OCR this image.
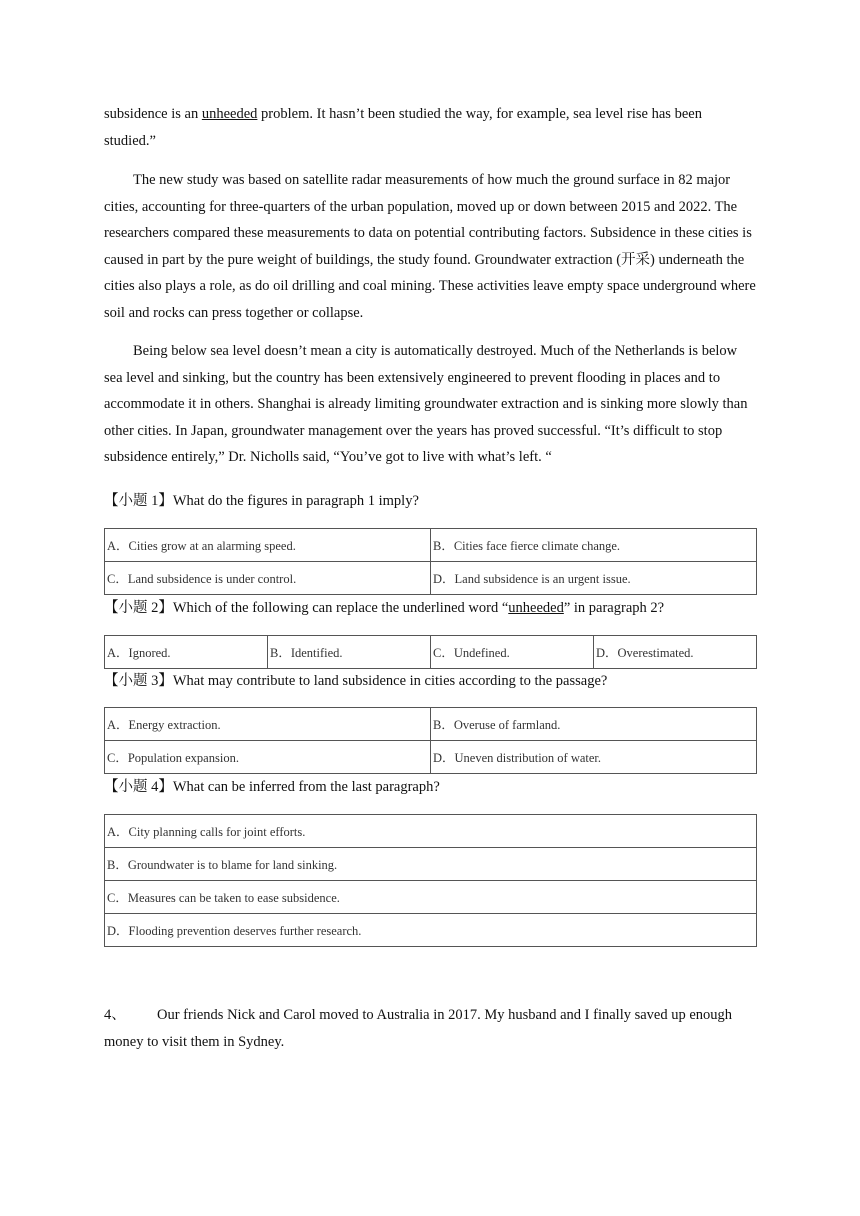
subsidence is an unheeded problem. It hasn’t been studied the way, for example, sea level rise has been studied.”

The new study was based on satellite radar measurements of how much the ground surface in 82 major cities, accounting for three-quarters of the urban population, moved up or down between 2015 and 2022. The researchers compared these measurements to data on potential contributing factors. Subsidence in these cities is caused in part by the pure weight of buildings, the study found. Groundwater extraction (开采) underneath the cities also plays a role, as do oil drilling and coal mining. These activities leave empty space underground where soil and rocks can press together or collapse.

Being below sea level doesn’t mean a city is automatically destroyed. Much of the Netherlands is below sea level and sinking, but the country has been extensively engineered to prevent flooding in places and to accommodate it in others. Shanghai is already limiting groundwater extraction and is sinking more slowly than other cities. In Japan, groundwater management over the years has proved successful. “It’s difficult to stop subsidence entirely,” Dr. Nicholls said, “You’ve got to live with what’s left. “

【小题 1】What do the figures in paragraph 1 imply?
A．Cities grow at an alarming speed.	B．Cities face fierce climate change.
C．Land subsidence is under control.	D．Land subsidence is an urgent issue.
【小题 2】Which of the following can replace the underlined word “unheeded” in paragraph 2?
A．Ignored.	B．Identified.	C．Undefined.	D．Overestimated.
【小题 3】What may contribute to land subsidence in cities according to the passage?
A．Energy extraction.	B．Overuse of farmland.
C．Population expansion.	D．Uneven distribution of water.
【小题 4】What can be inferred from the last paragraph?
A．City planning calls for joint efforts.
B．Groundwater is to blame for land sinking.
C．Measures can be taken to ease subsidence.
D．Flooding prevention deserves further research.
4、 Our friends Nick and Carol moved to Australia in 2017. My husband and I finally saved up enough money to visit them in Sydney.
